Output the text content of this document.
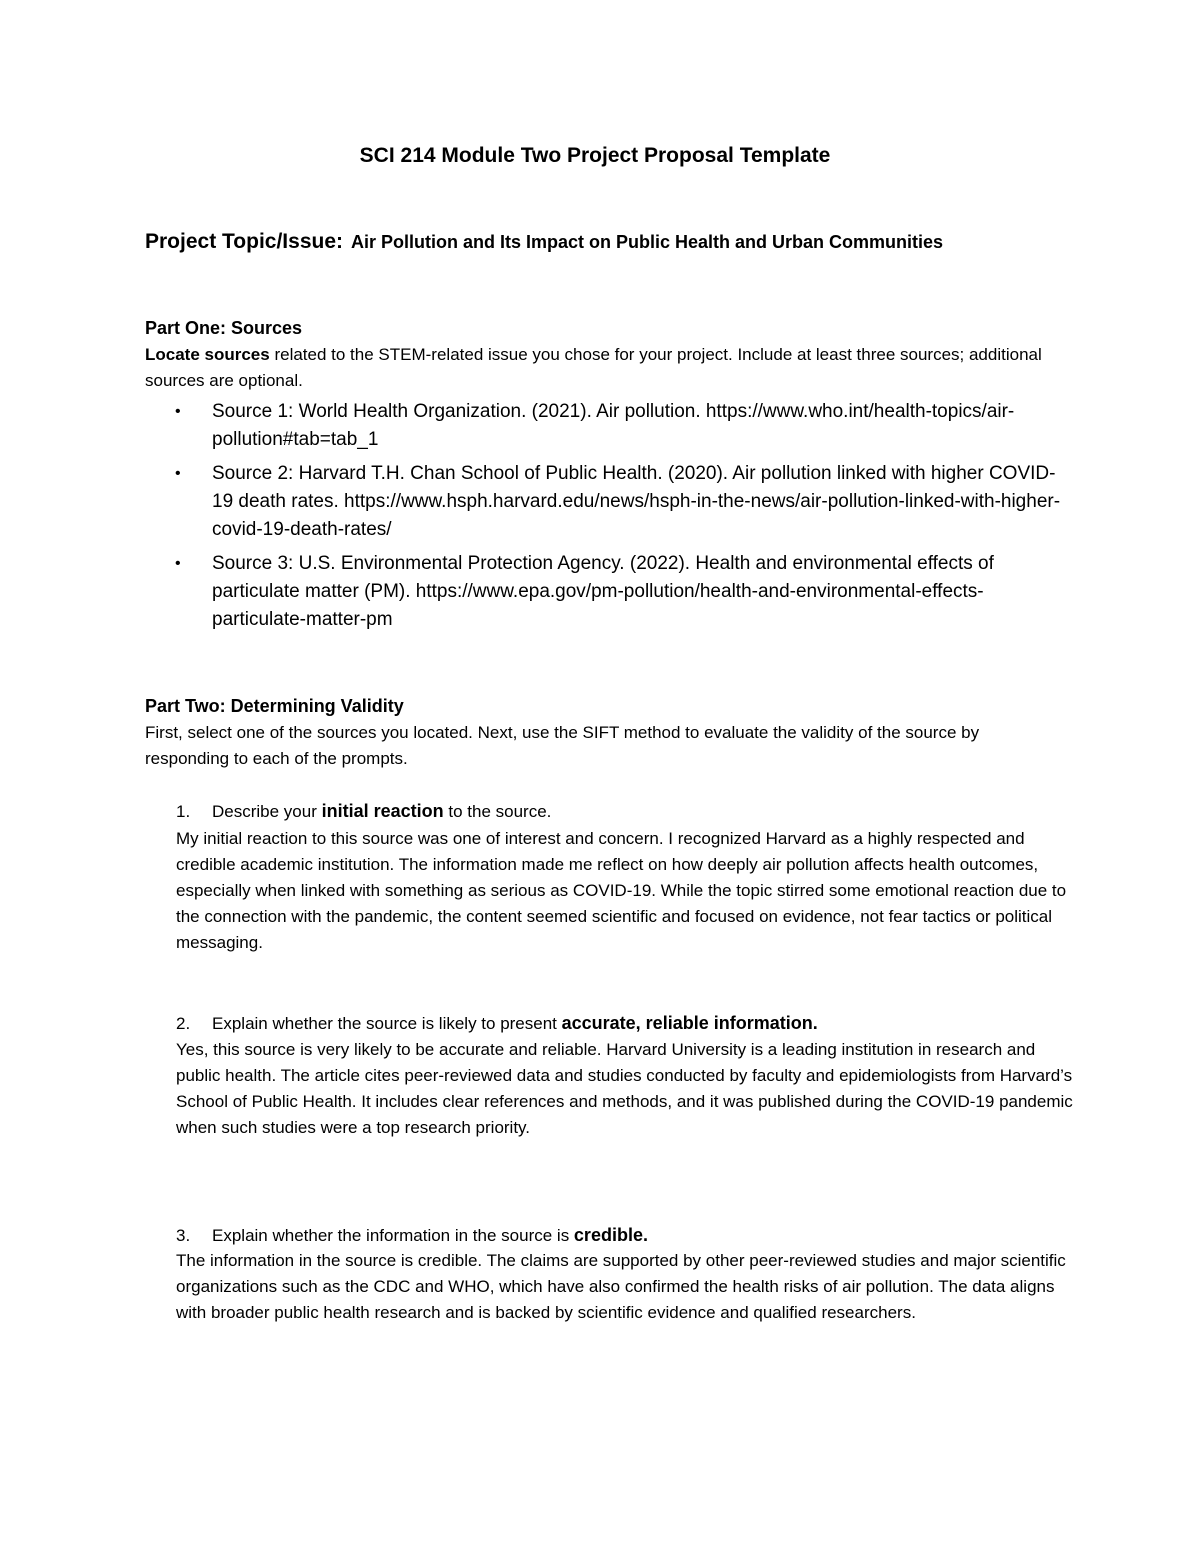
SCI 214 Module Two Project Proposal Template

Project Topic/Issue: Air Pollution and Its Impact on Public Health and Urban Communities

Part One: Sources

Locate sources related to the STEM-related issue you chose for your project. Include at least three sources; additional sources are optional.

• Source 1: World Health Organization. (2021). Air pollution. https://www.who.int/health-topics/air-pollution#tab=tab_1
• Source 2: Harvard T.H. Chan School of Public Health. (2020). Air pollution linked with higher COVID-19 death rates. https://www.hsph.harvard.edu/news/hsph-in-the-news/air-pollution-linked-with-higher-covid-19-death-rates/
• Source 3: U.S. Environmental Protection Agency. (2022). Health and environmental effects of particulate matter (PM). https://www.epa.gov/pm-pollution/health-and-environmental-effects-particulate-matter-pm
Part Two: Determining Validity

First, select one of the sources you located. Next, use the SIFT method to evaluate the validity of the source by responding to each of the prompts.

1. Describe your initial reaction to the source.

My initial reaction to this source was one of interest and concern. I recognized Harvard as a highly respected and credible academic institution. The information made me reflect on how deeply air pollution affects health outcomes, especially when linked with something as serious as COVID-19. While the topic stirred some emotional reaction due to the connection with the pandemic, the content seemed scientific and focused on evidence, not fear tactics or political messaging.

2. Explain whether the source is likely to present accurate, reliable information.

Yes, this source is very likely to be accurate and reliable. Harvard University is a leading institution in research and public health. The article cites peer-reviewed data and studies conducted by faculty and epidemiologists from Harvard’s School of Public Health. It includes clear references and methods, and it was published during the COVID-19 pandemic when such studies were a top research priority.

3. Explain whether the information in the source is credible.

The information in the source is credible. The claims are supported by other peer-reviewed studies and major scientific organizations such as the CDC and WHO, which have also confirmed the health risks of air pollution. The data aligns with broader public health research and is backed by scientific evidence and qualified researchers.
